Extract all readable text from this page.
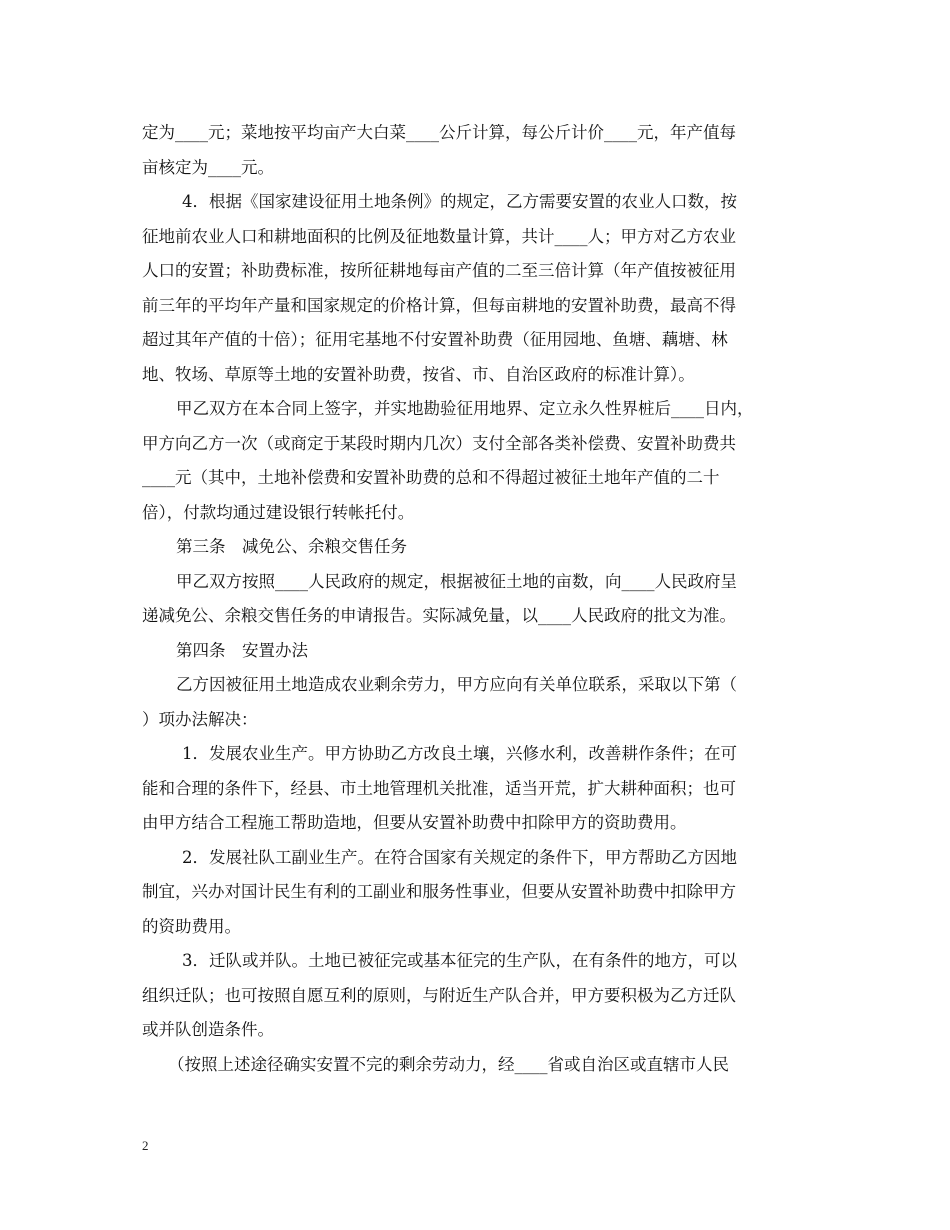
定为____元；菜地按平均亩产大白菜____公斤计算，每公斤计价____元，年产值每
亩核定为____元。
4．根据《国家建设征用土地条例》的规定，乙方需要安置的农业人口数，按
征地前农业人口和耕地面积的比例及征地数量计算，共计____人；甲方对乙方农业
人口的安置；补助费标准，按所征耕地每亩产值的二至三倍计算（年产值按被征用
前三年的平均年产量和国家规定的价格计算，但每亩耕地的安置补助费，最高不得
超过其年产值的十倍）；征用宅基地不付安置补助费（征用园地、鱼塘、藕塘、林
地、牧场、草原等土地的安置补助费，按省、市、自治区政府的标准计算）。
甲乙双方在本合同上签字，并实地勘验征用地界、定立永久性界桩后____日内，
甲方向乙方一次（或商定于某段时期内几次）支付全部各类补偿费、安置补助费共
____元（其中，土地补偿费和安置补助费的总和不得超过被征土地年产值的二十
倍），付款均通过建设银行转帐托付。
第三条　减免公、余粮交售任务
甲乙双方按照____人民政府的规定，根据被征土地的亩数，向____人民政府呈
递减免公、余粮交售任务的申请报告。实际减免量，以____人民政府的批文为准。
第四条　安置办法
乙方因被征用土地造成农业剩余劳力，甲方应向有关单位联系，采取以下第（
）项办法解决：
1．发展农业生产。甲方协助乙方改良土壤，兴修水利，改善耕作条件；在可
能和合理的条件下，经县、市土地管理机关批准，适当开荒，扩大耕种面积；也可
由甲方结合工程施工帮助造地，但要从安置补助费中扣除甲方的资助费用。
2．发展社队工副业生产。在符合国家有关规定的条件下，甲方帮助乙方因地
制宜，兴办对国计民生有利的工副业和服务性事业，但要从安置补助费中扣除甲方
的资助费用。
3．迁队或并队。土地已被征完或基本征完的生产队，在有条件的地方，可以
组织迁队；也可按照自愿互利的原则，与附近生产队合并，甲方要积极为乙方迁队
或并队创造条件。
（按照上述途径确实安置不完的剩余劳动力，经____省或自治区或直辖市人民
2
